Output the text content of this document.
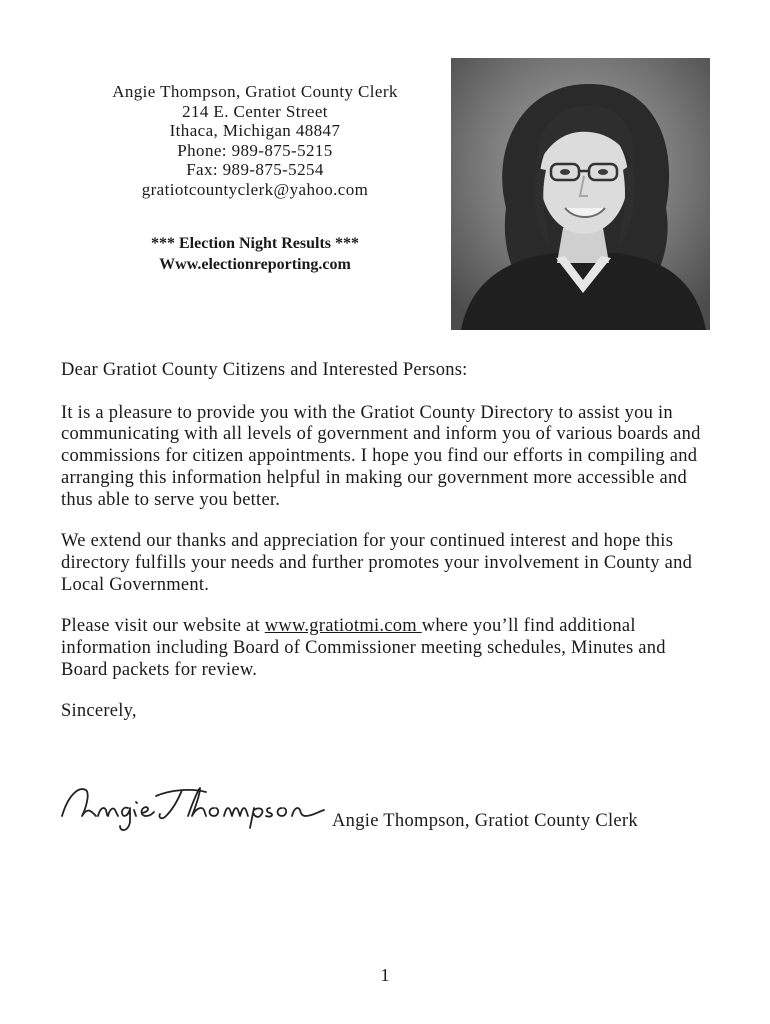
Angie Thompson, Gratiot County Clerk
214 E. Center Street
Ithaca, Michigan 48847
Phone: 989-875-5215
Fax: 989-875-5254
gratiotcountyclerk@yahoo.com
*** Election Night Results ***
Www.electionreporting.com

Dear Gratiot County Citizens and Interested Persons:

It is a pleasure to provide you with the Gratiot County Directory to assist you in communicating with all levels of government and inform you of various boards and commissions for citizen appointments. I hope you find our efforts in compiling and arranging this information helpful in making our government more accessible and thus able to serve you better.

We extend our thanks and appreciation for your continued interest and hope this directory fulfills your needs and further promotes your involvement in County and Local Government.

Please visit our website at www.gratiotmi.com where you’ll find additional information including Board of Commissioner meeting schedules, Minutes and Board packets for review.

Sincerely,

Angie Thompson, Gratiot County Clerk
1
